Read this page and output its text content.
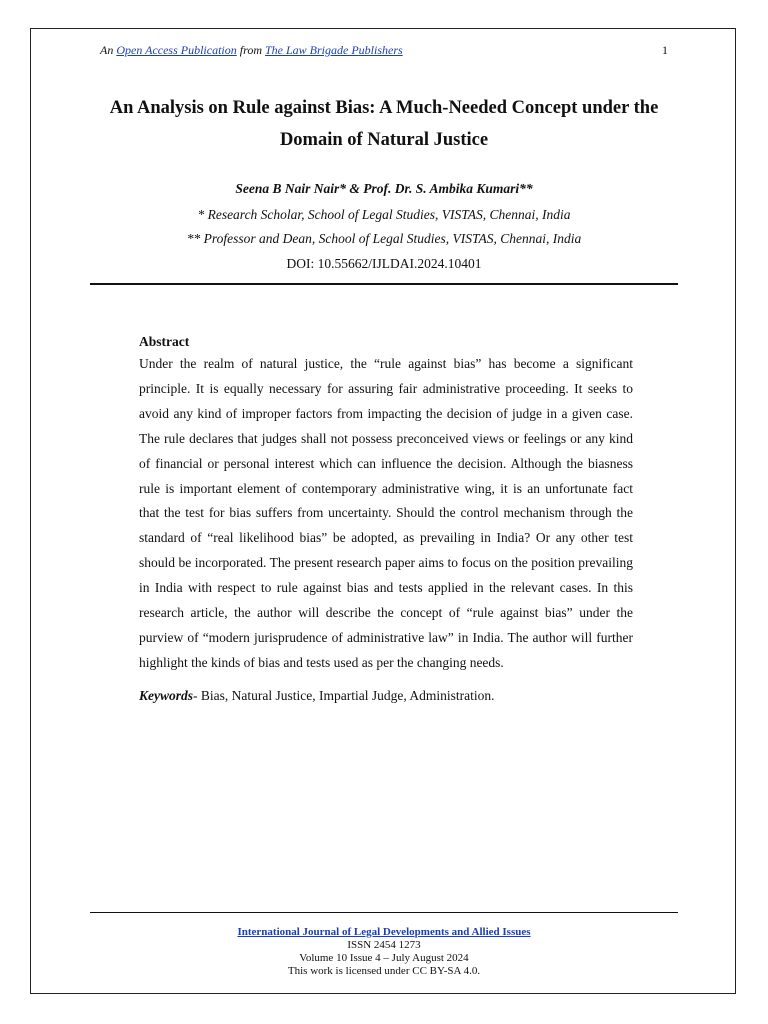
An Open Access Publication from The Law Brigade Publishers	1
An Analysis on Rule against Bias: A Much-Needed Concept under the Domain of Natural Justice
Seena B Nair Nair* & Prof. Dr. S. Ambika Kumari**
* Research Scholar, School of Legal Studies, VISTAS, Chennai, India
** Professor and Dean, School of Legal Studies, VISTAS, Chennai, India
DOI: 10.55662/IJLDAI.2024.10401
Abstract

Under the realm of natural justice, the “rule against bias” has become a significant principle. It is equally necessary for assuring fair administrative proceeding. It seeks to avoid any kind of improper factors from impacting the decision of judge in a given case. The rule declares that judges shall not possess preconceived views or feelings or any kind of financial or personal interest which can influence the decision. Although the biasness rule is important element of contemporary administrative wing, it is an unfortunate fact that the test for bias suffers from uncertainty. Should the control mechanism through the standard of “real likelihood bias” be adopted, as prevailing in India? Or any other test should be incorporated. The present research paper aims to focus on the position prevailing in India with respect to rule against bias and tests applied in the relevant cases. In this research article, the author will describe the concept of “rule against bias” under the purview of “modern jurisprudence of administrative law” in India. The author will further highlight the kinds of bias and tests used as per the changing needs.

Keywords- Bias, Natural Justice, Impartial Judge, Administration.

International Journal of Legal Developments and Allied Issues
ISSN 2454 1273
Volume 10 Issue 4 – July August 2024
This work is licensed under CC BY-SA 4.0.
